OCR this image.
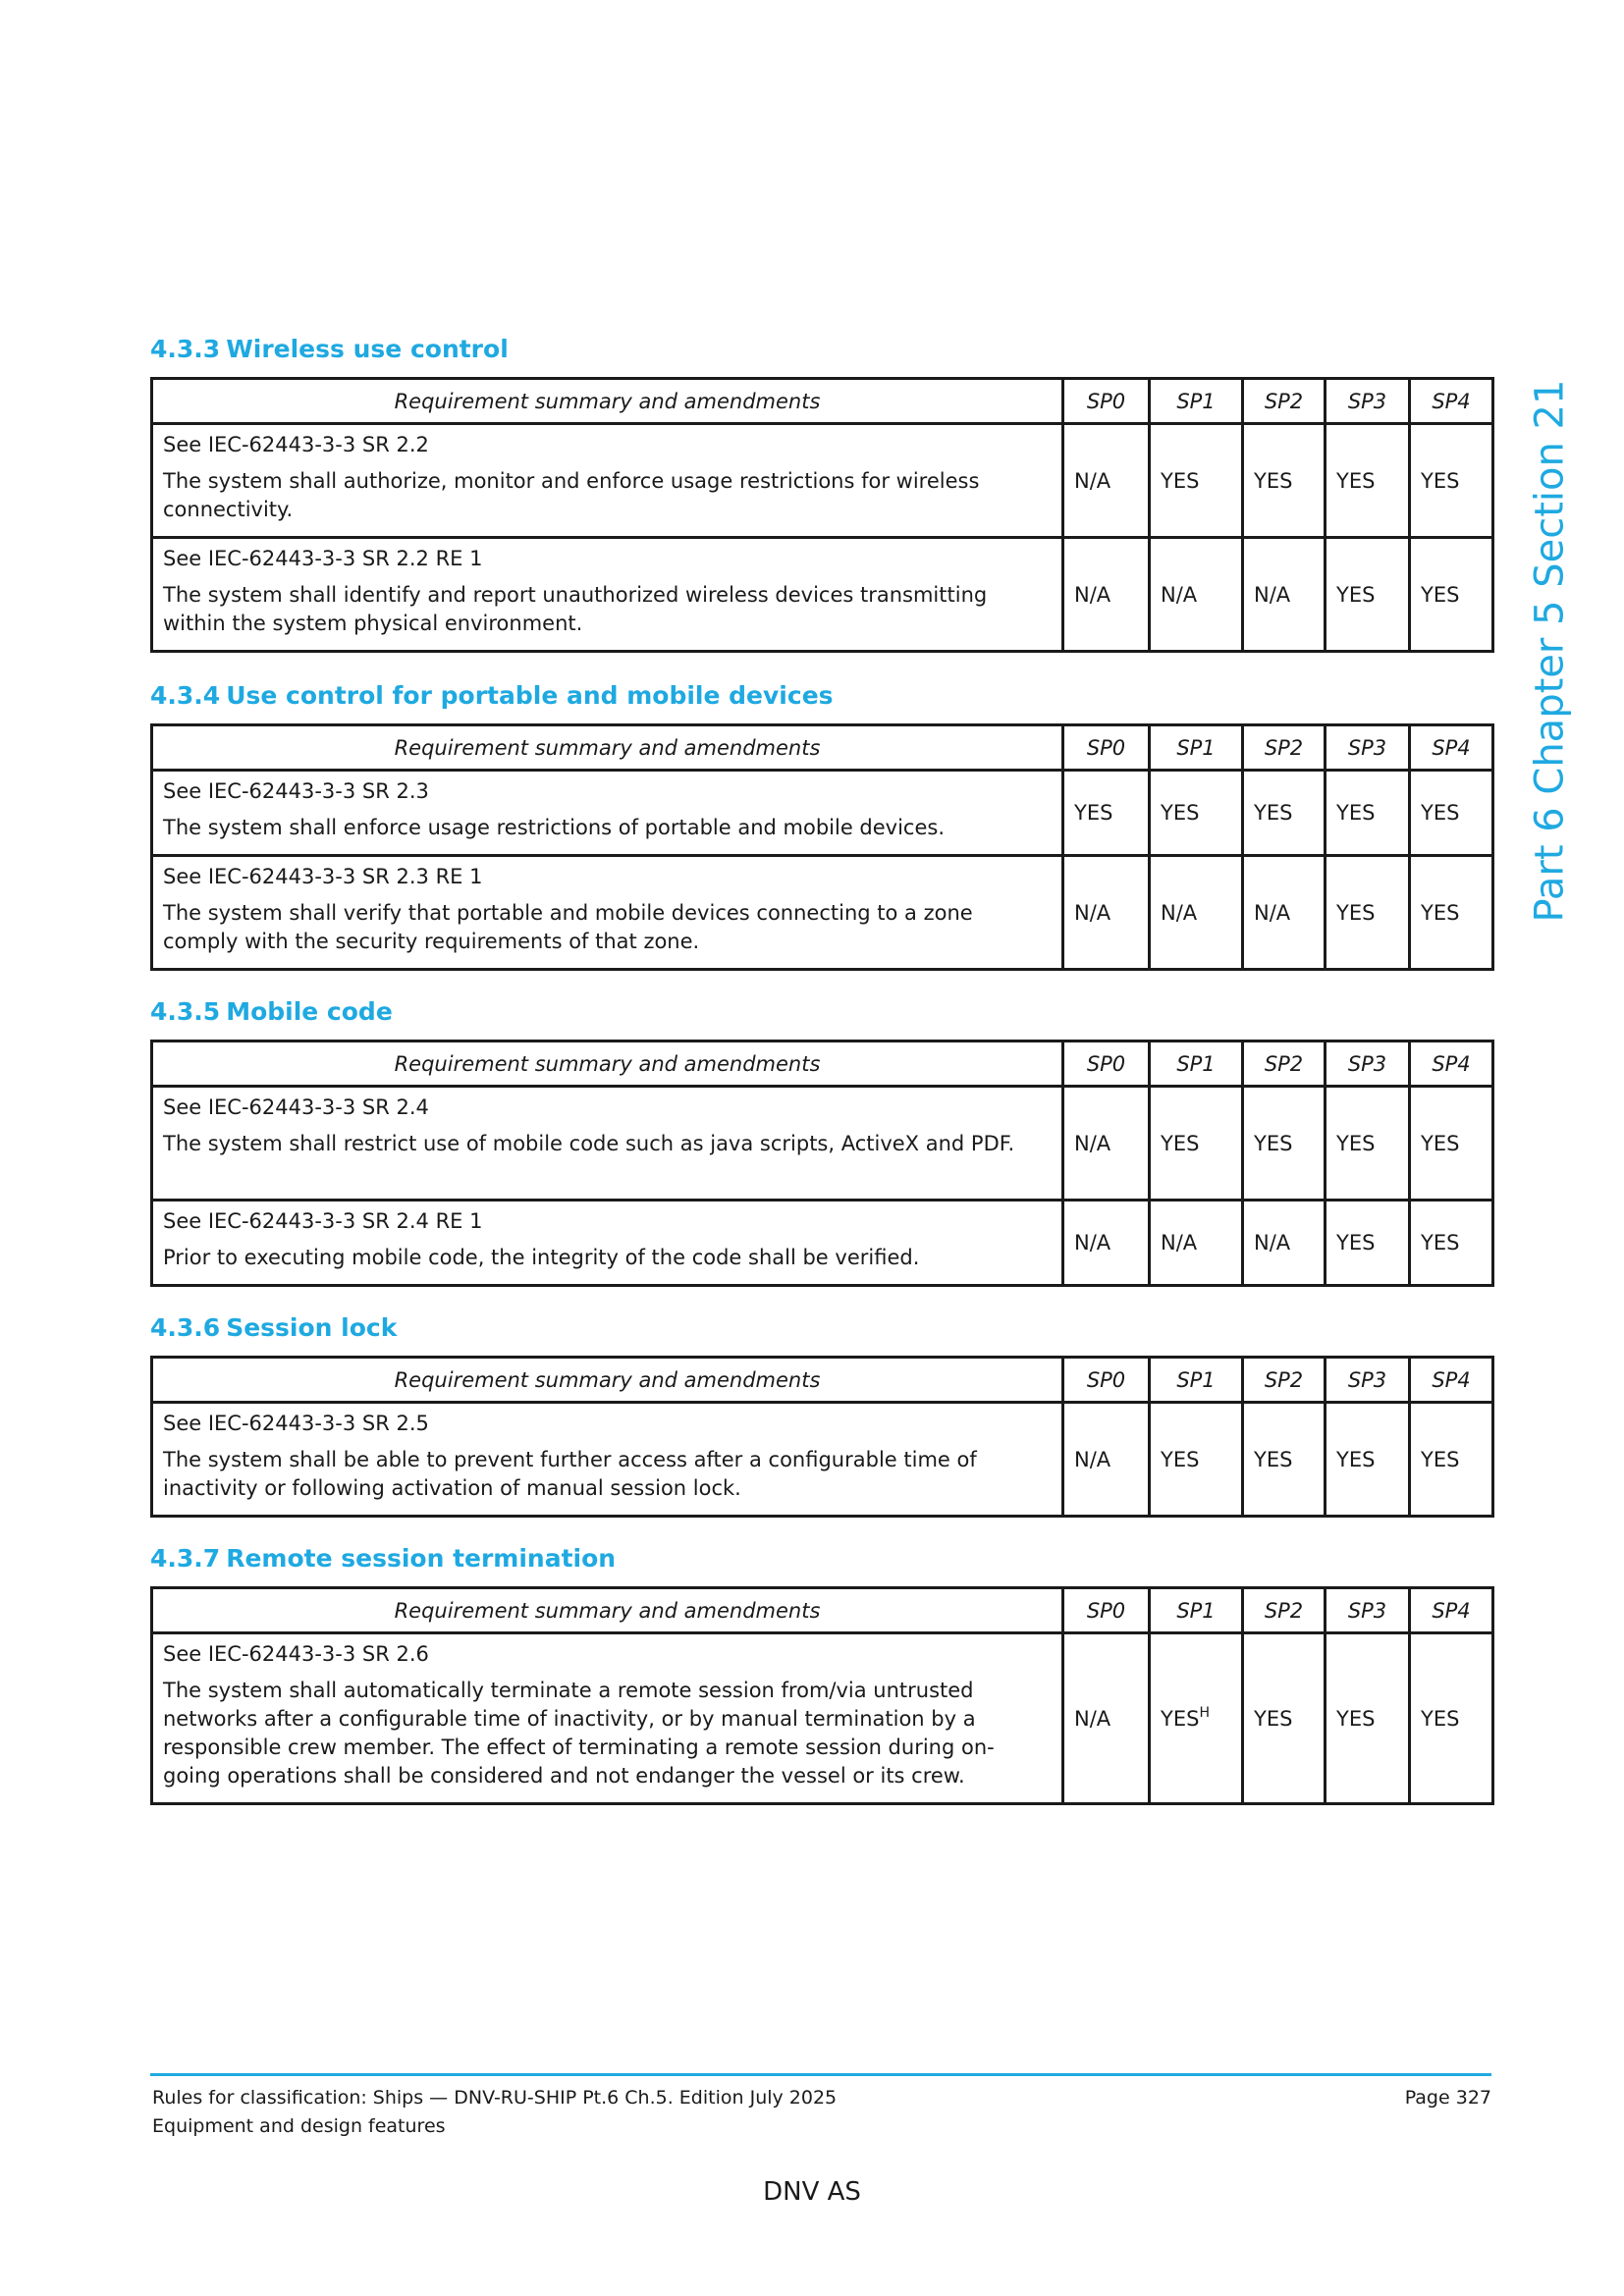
Part 6 Chapter 5 Section 21
4.3.3 Wireless use control
Requirement summary and amendments	SP0	SP1	SP2	SP3	SP4

See IEC-62443-3-3 SR 2.2
The system shall authorize, monitor and enforce usage restrictions for wireless connectivity.	N/A	YES	YES	YES	YES

See IEC-62443-3-3 SR 2.2 RE 1
The system shall identify and report unauthorized wireless devices transmitting within the system physical environment.	N/A	N/A	N/A	YES	YES
4.3.4 Use control for portable and mobile devices
Requirement summary and amendments	SP0	SP1	SP2	SP3	SP4

See IEC-62443-3-3 SR 2.3
The system shall enforce usage restrictions of portable and mobile devices.	YES	YES	YES	YES	YES

See IEC-62443-3-3 SR 2.3 RE 1
The system shall verify that portable and mobile devices connecting to a zone comply with the security requirements of that zone.	N/A	N/A	N/A	YES	YES
4.3.5 Mobile code
Requirement summary and amendments	SP0	SP1	SP2	SP3	SP4

See IEC-62443-3-3 SR 2.4
The system shall restrict use of mobile code such as java scripts, ActiveX and PDF.	N/A	YES	YES	YES	YES

See IEC-62443-3-3 SR 2.4 RE 1
Prior to executing mobile code, the integrity of the code shall be verified.	N/A	N/A	N/A	YES	YES
4.3.6 Session lock
Requirement summary and amendments	SP0	SP1	SP2	SP3	SP4

See IEC-62443-3-3 SR 2.5
The system shall be able to prevent further access after a configurable time of inactivity or following activation of manual session lock.	N/A	YES	YES	YES	YES
4.3.7 Remote session termination
Requirement summary and amendments	SP0	SP1	SP2	SP3	SP4

See IEC-62443-3-3 SR 2.6
The system shall automatically terminate a remote session from/via untrusted networks after a configurable time of inactivity, or by manual termination by a responsible crew member. The effect of terminating a remote session during on-going operations shall be considered and not endanger the vessel or its crew.	N/A	$YES^H$	YES	YES	YES
Rules for classification: Ships — DNV-RU-SHIP Pt.6 Ch.5. Edition July 2025
Equipment and design features
Page 327
DNV AS
